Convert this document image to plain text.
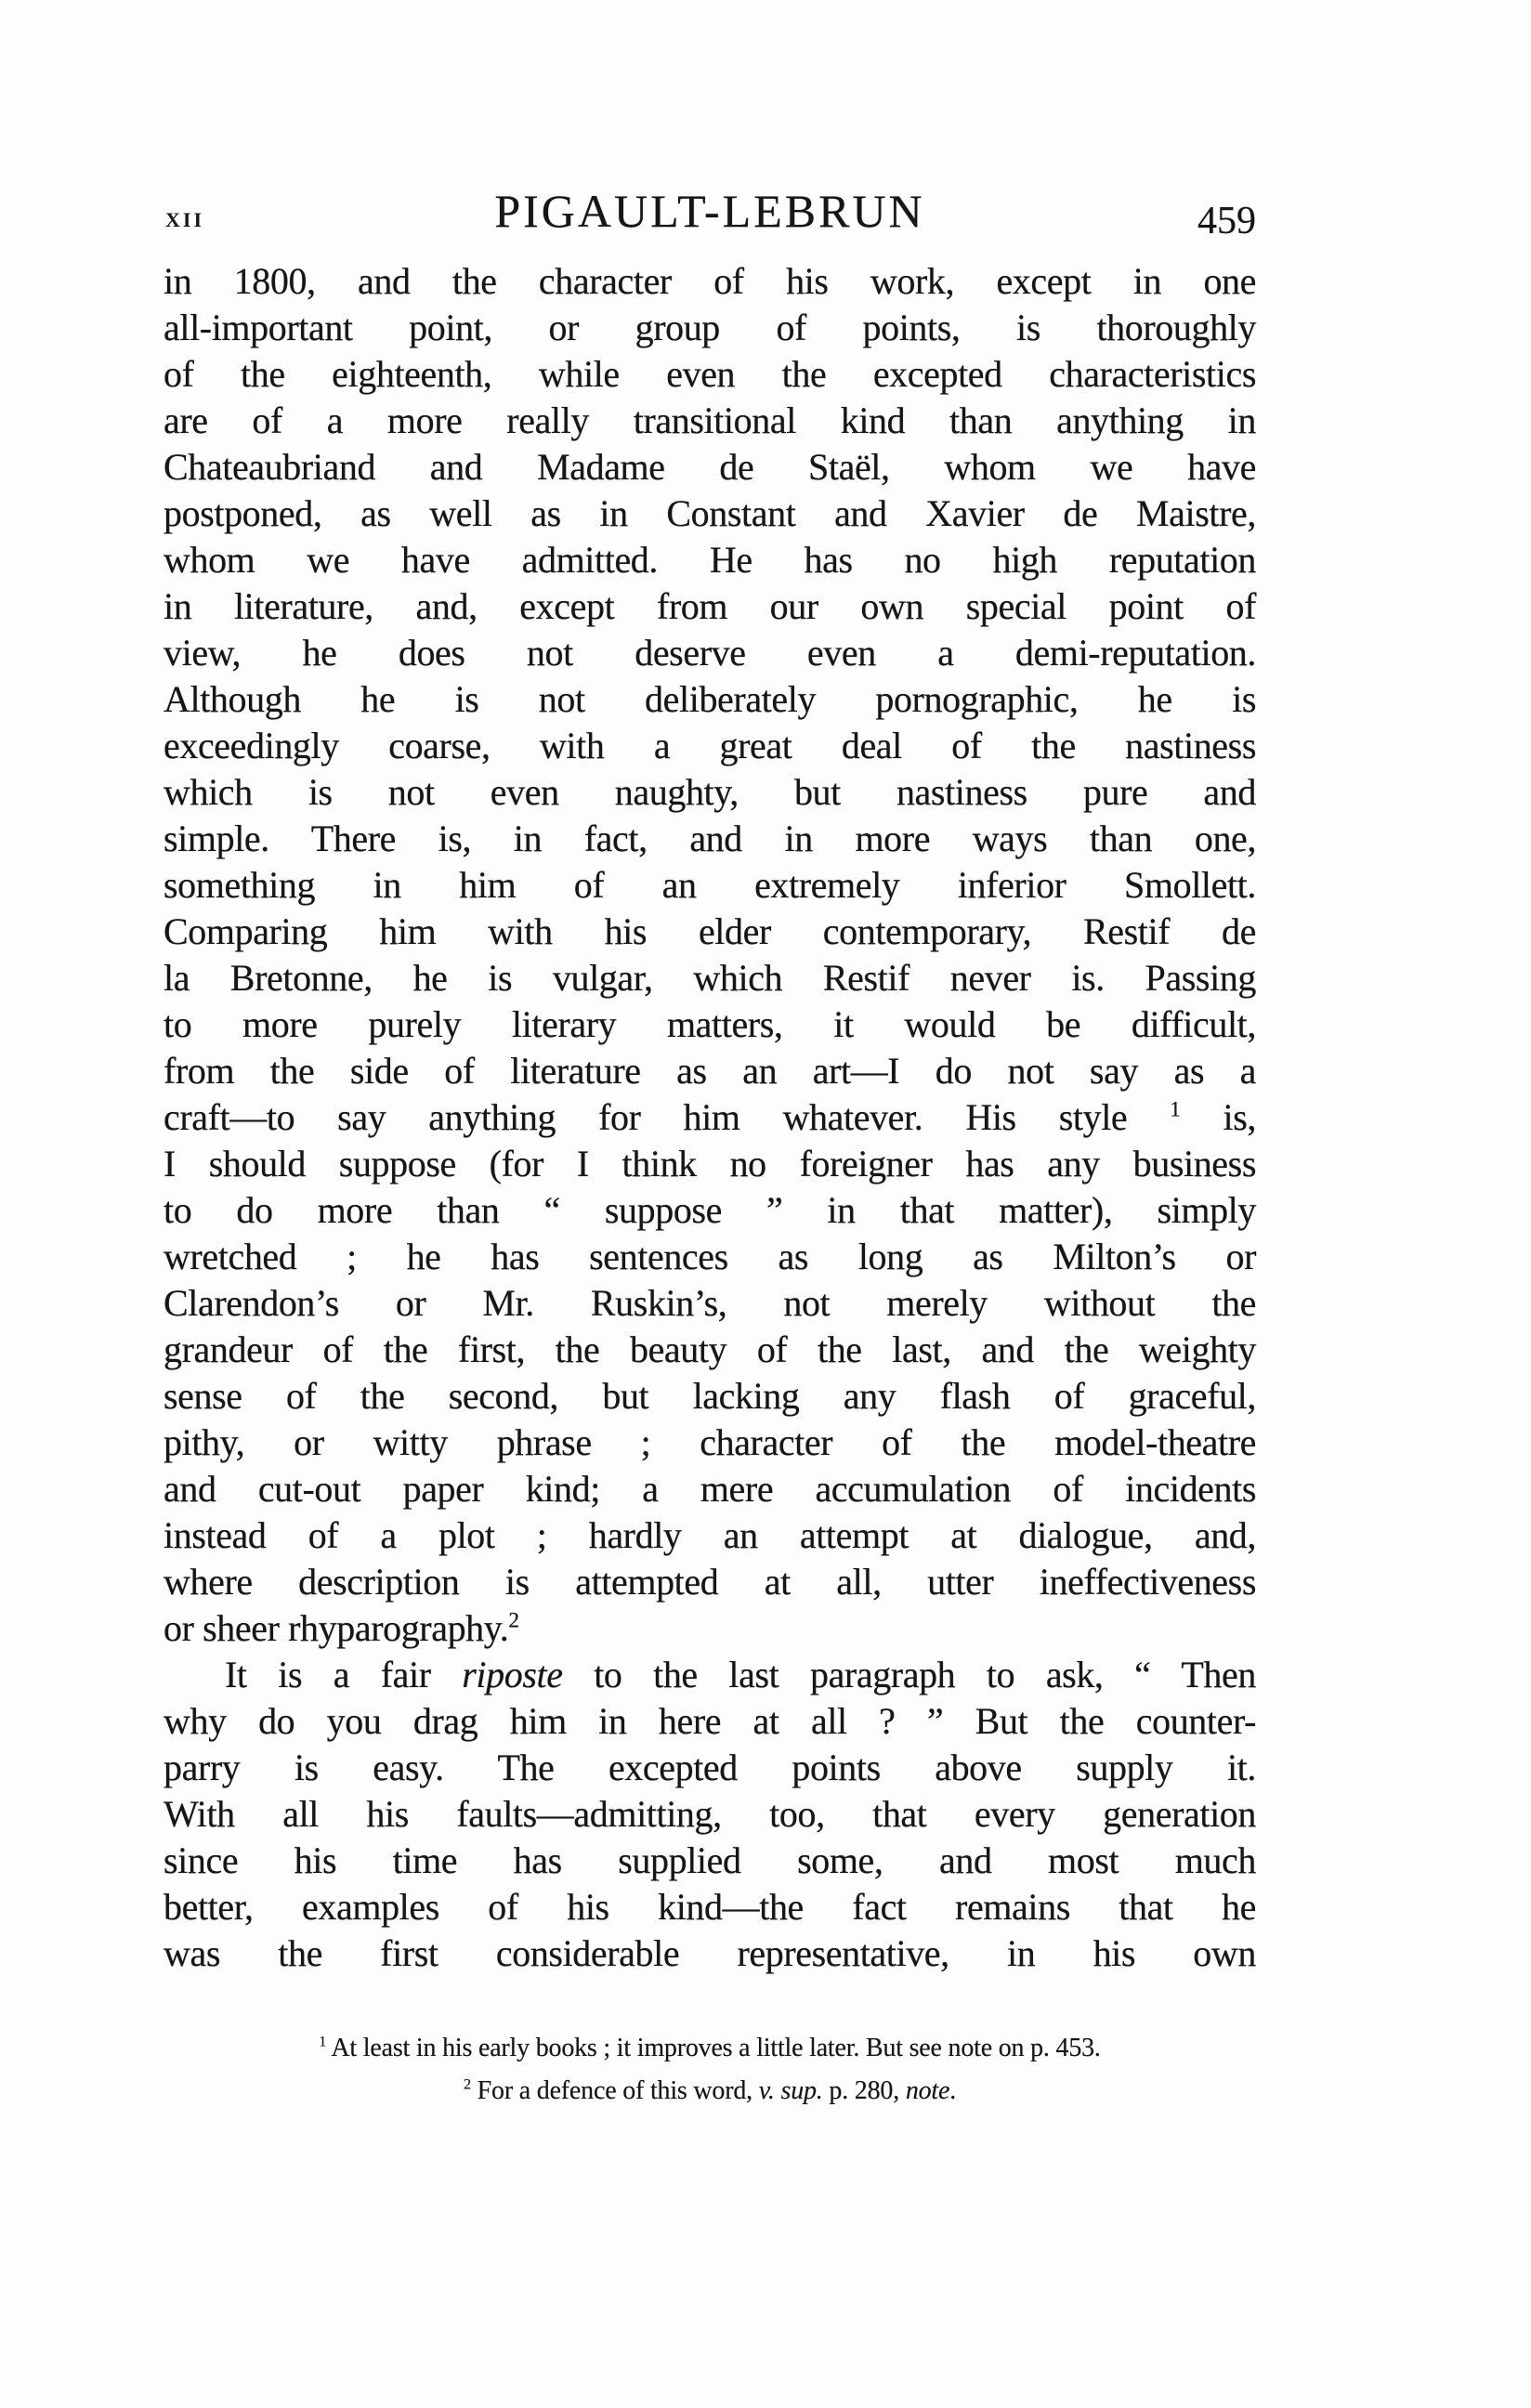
XII	PIGAULT-LEBRUN	459
in 1800, and the character of his work, except in one
all-important point, or group of points, is thoroughly
of the eighteenth, while even the excepted characteristics
are of a more really transitional kind than anything in
Chateaubriand and Madame de Staël, whom we have
postponed, as well as in Constant and Xavier de Maistre,
whom we have admitted. He has no high reputation
in literature, and, except from our own special point of
view, he does not deserve even a demi-reputation.
Although he is not deliberately pornographic, he is
exceedingly coarse, with a great deal of the nastiness
which is not even naughty, but nastiness pure and
simple. There is, in fact, and in more ways than one,
something in him of an extremely inferior Smollett.
Comparing him with his elder contemporary, Restif de
la Bretonne, he is vulgar, which Restif never is. Passing
to more purely literary matters, it would be difficult,
from the side of literature as an art—I do not say as a
craft—to say anything for him whatever. His style $^1$ is,
I should suppose (for I think no foreigner has any business
to do more than “ suppose ” in that matter), simply
wretched ; he has sentences as long as Milton’s or
Clarendon’s or Mr. Ruskin’s, not merely without the
grandeur of the first, the beauty of the last, and the weighty
sense of the second, but lacking any flash of graceful,
pithy, or witty phrase ; character of the model-theatre
and cut-out paper kind; a mere accumulation of incidents
instead of a plot ; hardly an attempt at dialogue, and,
where description is attempted at all, utter ineffectiveness
or sheer rhyparography.$^2$
It is a fair riposte to the last paragraph to ask, “ Then
why do you drag him in here at all ? ” But the counter-
parry is easy. The excepted points above supply it.
With all his faults—admitting, too, that every generation
since his time has supplied some, and most much
better, examples of his kind—the fact remains that he
was the first considerable representative, in his own
$^1$ At least in his early books ; it improves a little later. But see note on p. 453.
$^2$ For a defence of this word, v. sup. p. 280, note.
